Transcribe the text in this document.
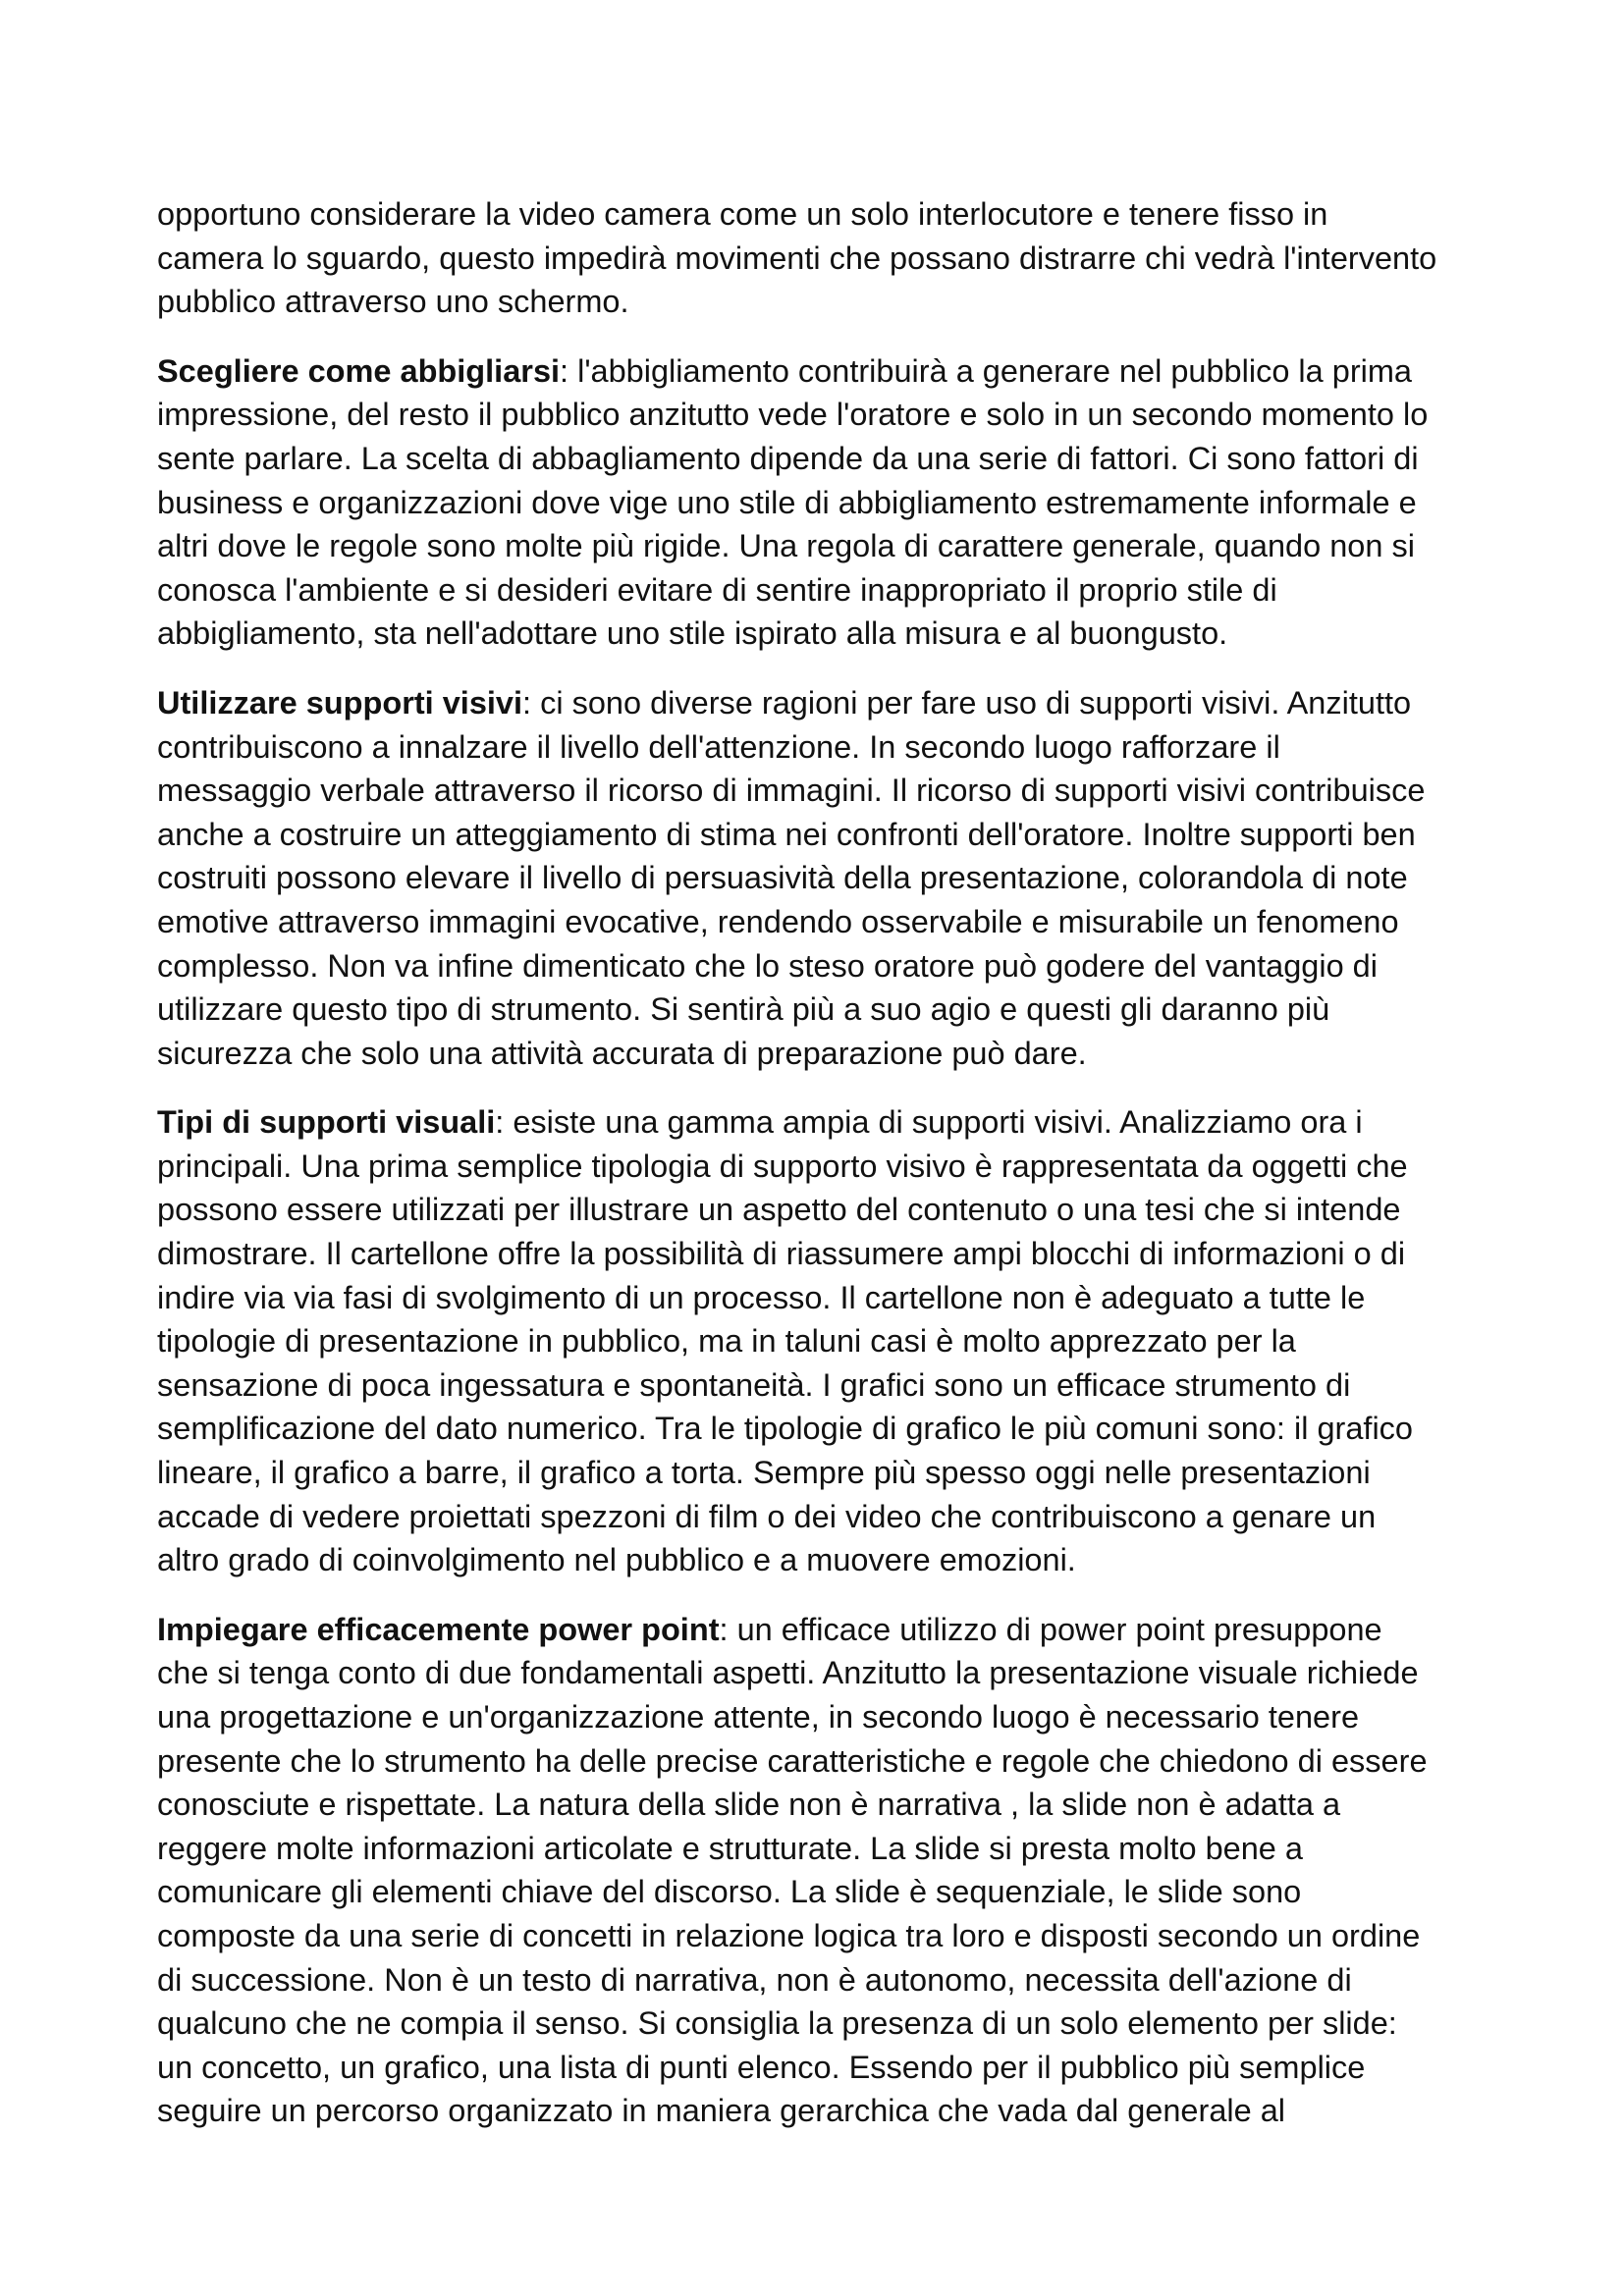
opportuno considerare la video camera come un solo interlocutore e tenere fisso in
camera lo sguardo, questo impedirà movimenti che possano distrarre chi vedrà l'intervento
pubblico attraverso uno schermo.

Scegliere come abbigliarsi: l'abbigliamento contribuirà a generare nel pubblico la prima
impressione, del resto il pubblico anzitutto vede l'oratore e solo in un secondo momento lo
sente parlare. La scelta di abbagliamento dipende da una serie di fattori. Ci sono fattori di
business e organizzazioni dove vige uno stile di abbigliamento estremamente informale e
altri dove le regole sono molte più rigide. Una regola di carattere generale, quando non si
conosca l'ambiente e si desideri evitare di sentire inappropriato il proprio stile di
abbigliamento, sta nell'adottare uno stile ispirato alla misura e al buongusto.

Utilizzare supporti visivi: ci sono diverse ragioni per fare uso di supporti visivi. Anzitutto
contribuiscono a innalzare il livello dell'attenzione. In secondo luogo rafforzare il
messaggio verbale attraverso il ricorso di immagini. Il ricorso di supporti visivi contribuisce
anche a costruire un atteggiamento di stima nei confronti dell'oratore. Inoltre supporti ben
costruiti possono elevare il livello di persuasività della presentazione, colorandola di note
emotive attraverso immagini evocative, rendendo osservabile e misurabile un fenomeno
complesso. Non va infine dimenticato che lo steso oratore può godere del vantaggio di
utilizzare questo tipo di strumento. Si sentirà più a suo agio e questi gli daranno più
sicurezza che solo una attività accurata di preparazione può dare.

Tipi di supporti visuali: esiste una gamma ampia di supporti visivi. Analizziamo ora i
principali. Una prima semplice tipologia di supporto visivo è rappresentata da oggetti che
possono essere utilizzati per illustrare un aspetto del contenuto o una tesi che si intende
dimostrare. Il cartellone offre la possibilità di riassumere ampi blocchi di informazioni o di
indire via via fasi di svolgimento di un processo. Il cartellone non è adeguato a tutte le
tipologie di presentazione in pubblico, ma in taluni casi è molto apprezzato per la
sensazione di poca ingessatura e spontaneità. I grafici sono un efficace strumento di
semplificazione del dato numerico. Tra le tipologie di grafico le più comuni sono: il grafico
lineare, il grafico a barre, il grafico a torta. Sempre più spesso oggi nelle presentazioni
accade di vedere proiettati spezzoni di film o dei video che contribuiscono a genare un
altro grado di coinvolgimento nel pubblico e a muovere emozioni.

Impiegare efficacemente power point: un efficace utilizzo di power point presuppone
che si tenga conto di due fondamentali aspetti. Anzitutto la presentazione visuale richiede
una progettazione e un'organizzazione attente, in secondo luogo è necessario tenere
presente che lo strumento ha delle precise caratteristiche e regole che chiedono di essere
conosciute e rispettate. La natura della slide non è narrativa , la slide non è adatta a
reggere molte informazioni articolate e strutturate. La slide si presta molto bene a
comunicare gli elementi chiave del discorso. La slide è sequenziale, le slide sono
composte da una serie di concetti in relazione logica tra loro e disposti secondo un ordine
di successione. Non è un testo di narrativa, non è autonomo, necessita dell'azione di
qualcuno che ne compia il senso. Si consiglia la presenza di un solo elemento per slide:
un concetto, un grafico, una lista di punti elenco. Essendo per il pubblico più semplice
seguire un percorso organizzato in maniera gerarchica che vada dal generale al
